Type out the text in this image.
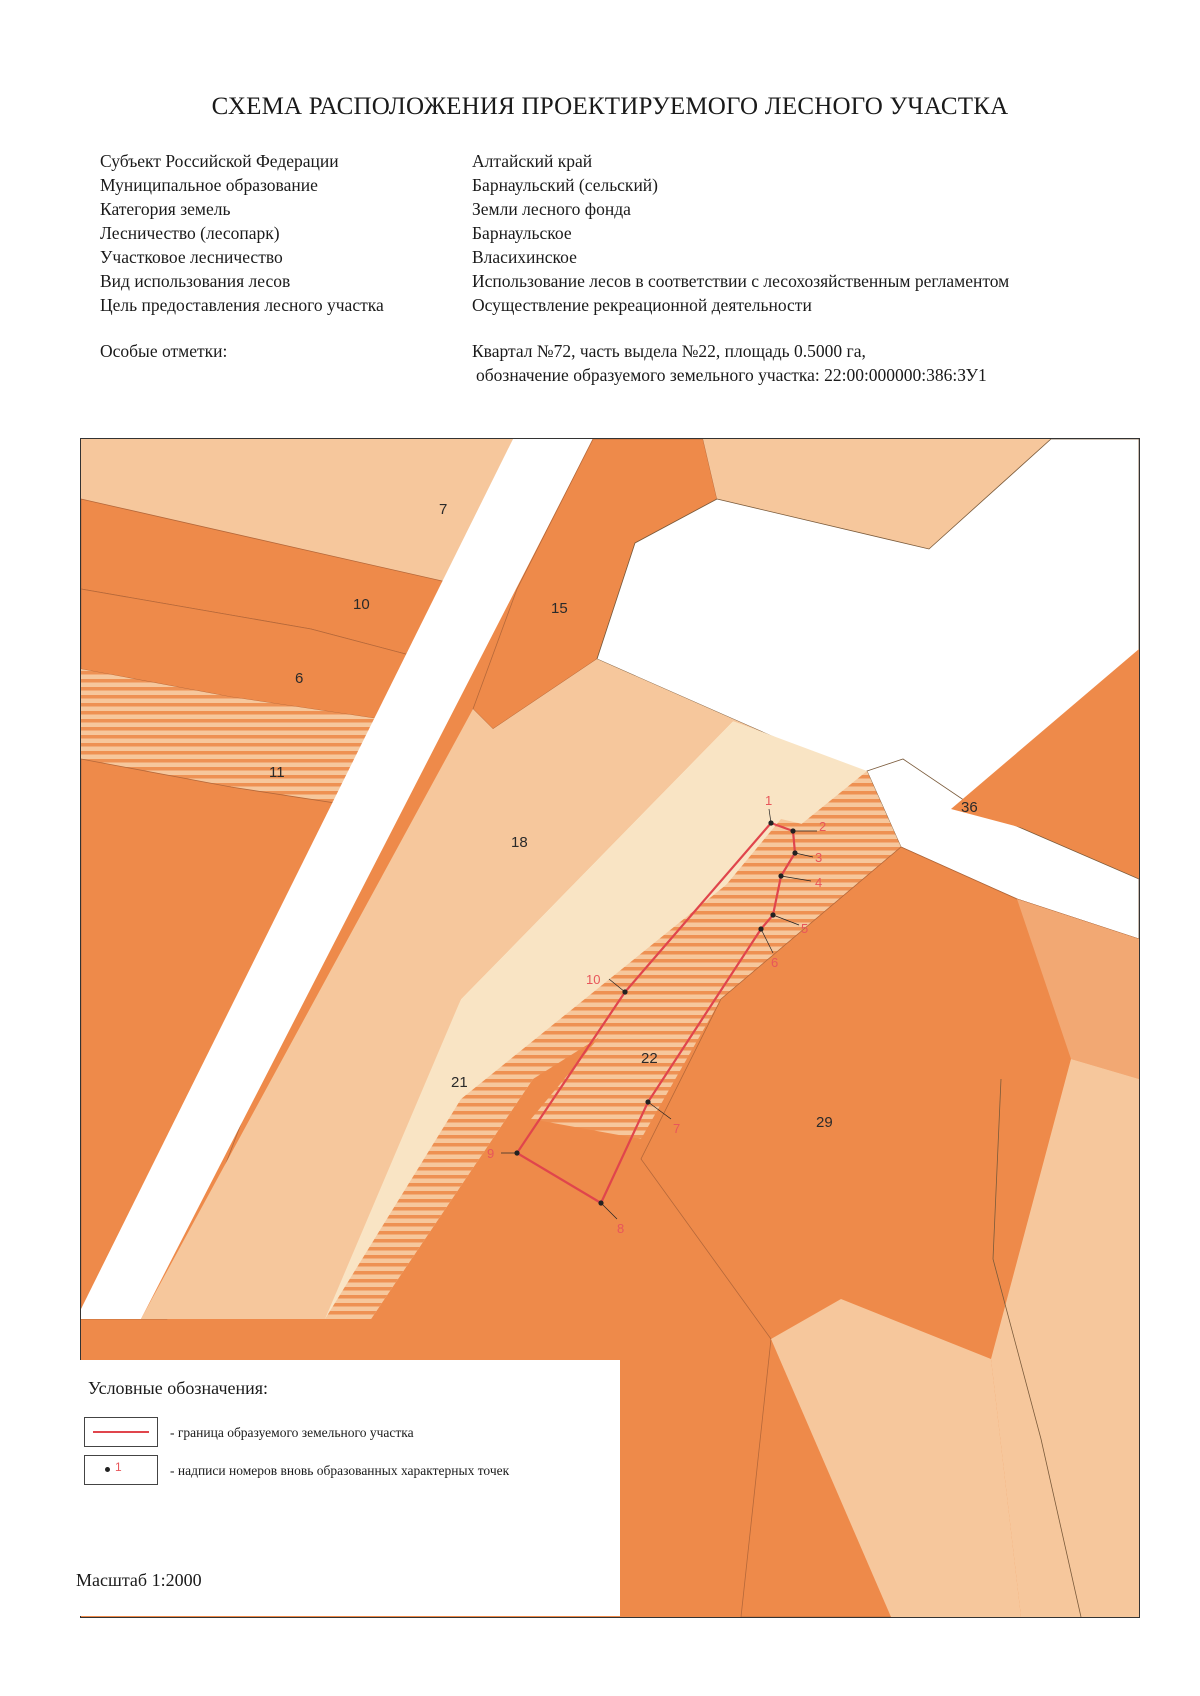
СХЕМА РАСПОЛОЖЕНИЯ ПРОЕКТИРУЕМОГО ЛЕСНОГО УЧАСТКА
Субъект Российской Федерации	Алтайский край
Муниципальное образование	Барнаульский (сельский)
Категория земель	Земли лесного фонда
Лесничество (лесопарк)	Барнаульское
Участковое лесничество	Власихинское
Вид использования лесов	Использование лесов в соответствии с лесохозяйственным регламентом
Цель предоставления лесного участка	Осуществление рекреационной деятельности
Особые отметки:	Квартал №72, часть выдела №22, площадь 0.5000 га,
обозначение образуемого земельного участка: 22:00:000000:386:ЗУ1
7
10
6
11
15
18
36
22
21
29
1
2
3
4
5
6
7
8
9
10
Условные обозначения:
- граница образуемого земельного участка
1	- надписи номеров вновь образованных характерных точек
Масштаб 1:2000
